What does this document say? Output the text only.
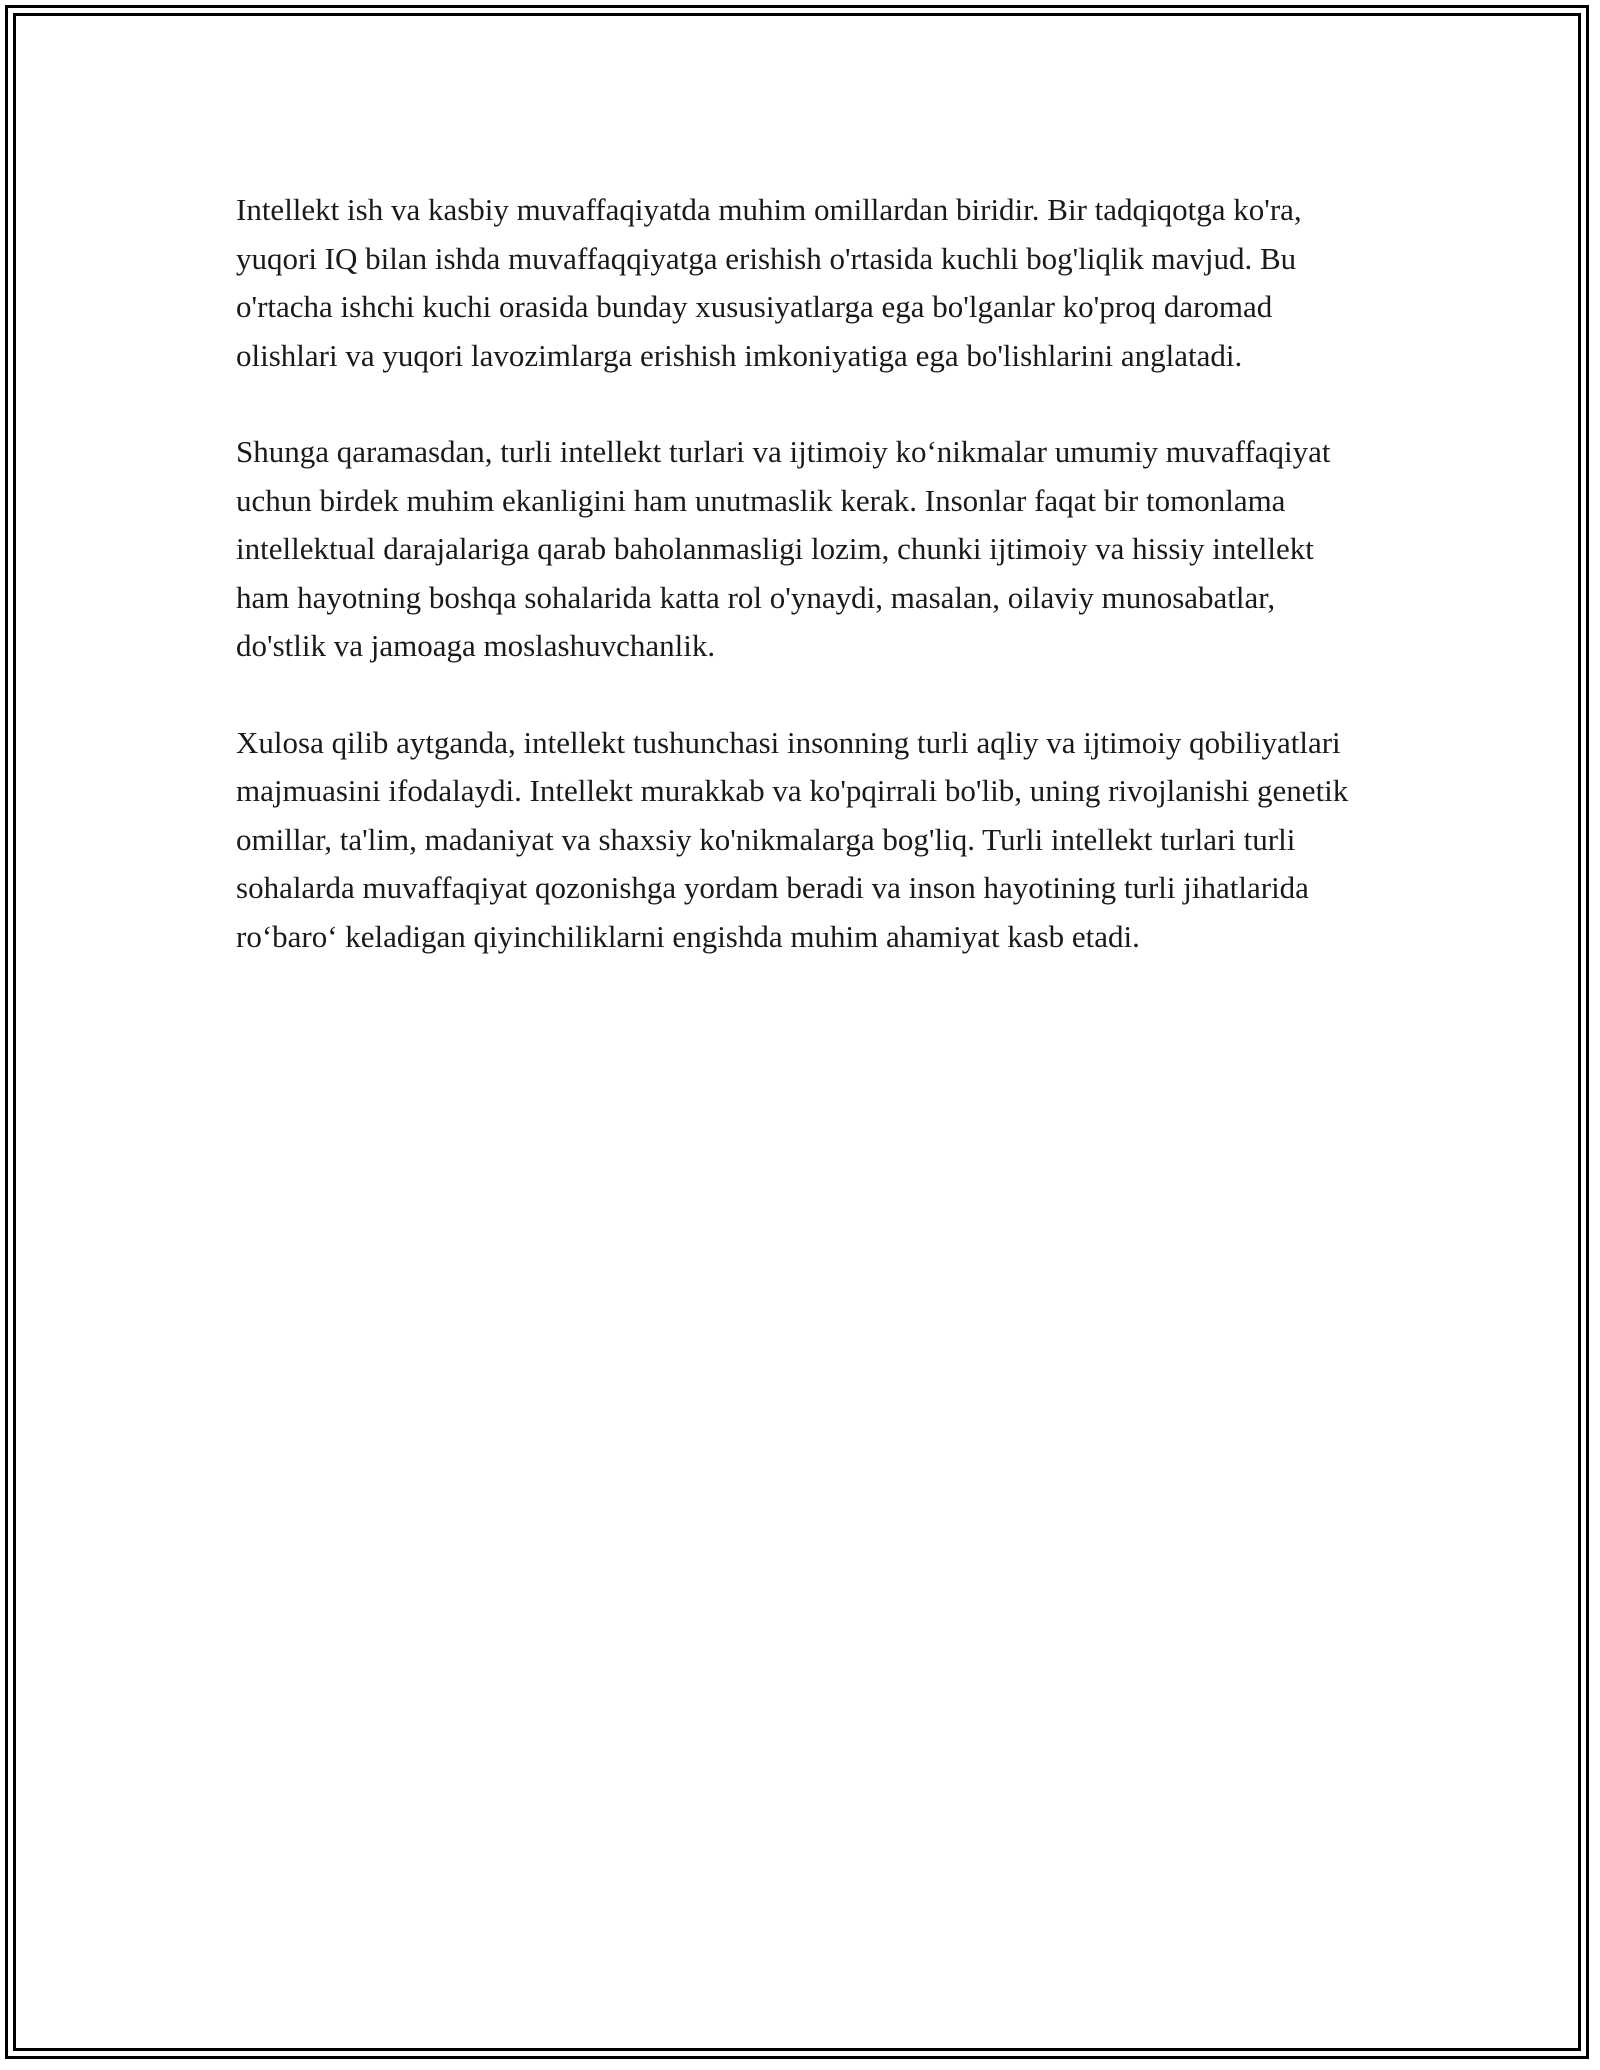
Intellekt ish va kasbiy muvaffaqiyatda muhim omillardan biridir. Bir tadqiqotga ko'ra, yuqori IQ bilan ishda muvaffaqqiyatga erishish o'rtasida kuchli bog'liqlik mavjud. Bu o'rtacha ishchi kuchi orasida bunday xususiyatlarga ega bo'lganlar ko'proq daromad olishlari va yuqori lavozimlarga erishish imkoniyatiga ega bo'lishlarini anglatadi.

Shunga qaramasdan, turli intellekt turlari va ijtimoiy ko‘nikmalar umumiy muvaffaqiyat uchun birdek muhim ekanligini ham unutmaslik kerak. Insonlar faqat bir tomonlama intellektual darajalariga qarab baholanmasligi lozim, chunki ijtimoiy va hissiy intellekt ham hayotning boshqa sohalarida katta rol o'ynaydi, masalan, oilaviy munosabatlar, do'stlik va jamoaga moslashuvchanlik.

Xulosa qilib aytganda, intellekt tushunchasi insonning turli aqliy va ijtimoiy qobiliyatlari majmuasini ifodalaydi. Intellekt murakkab va ko'pqirrali bo'lib, uning rivojlanishi genetik omillar, ta'lim, madaniyat va shaxsiy ko'nikmalarga bog'liq. Turli intellekt turlari turli sohalarda muvaffaqiyat qozonishga yordam beradi va inson hayotining turli jihatlarida ro‘baro‘ keladigan qiyinchiliklarni engishda muhim ahamiyat kasb etadi.
